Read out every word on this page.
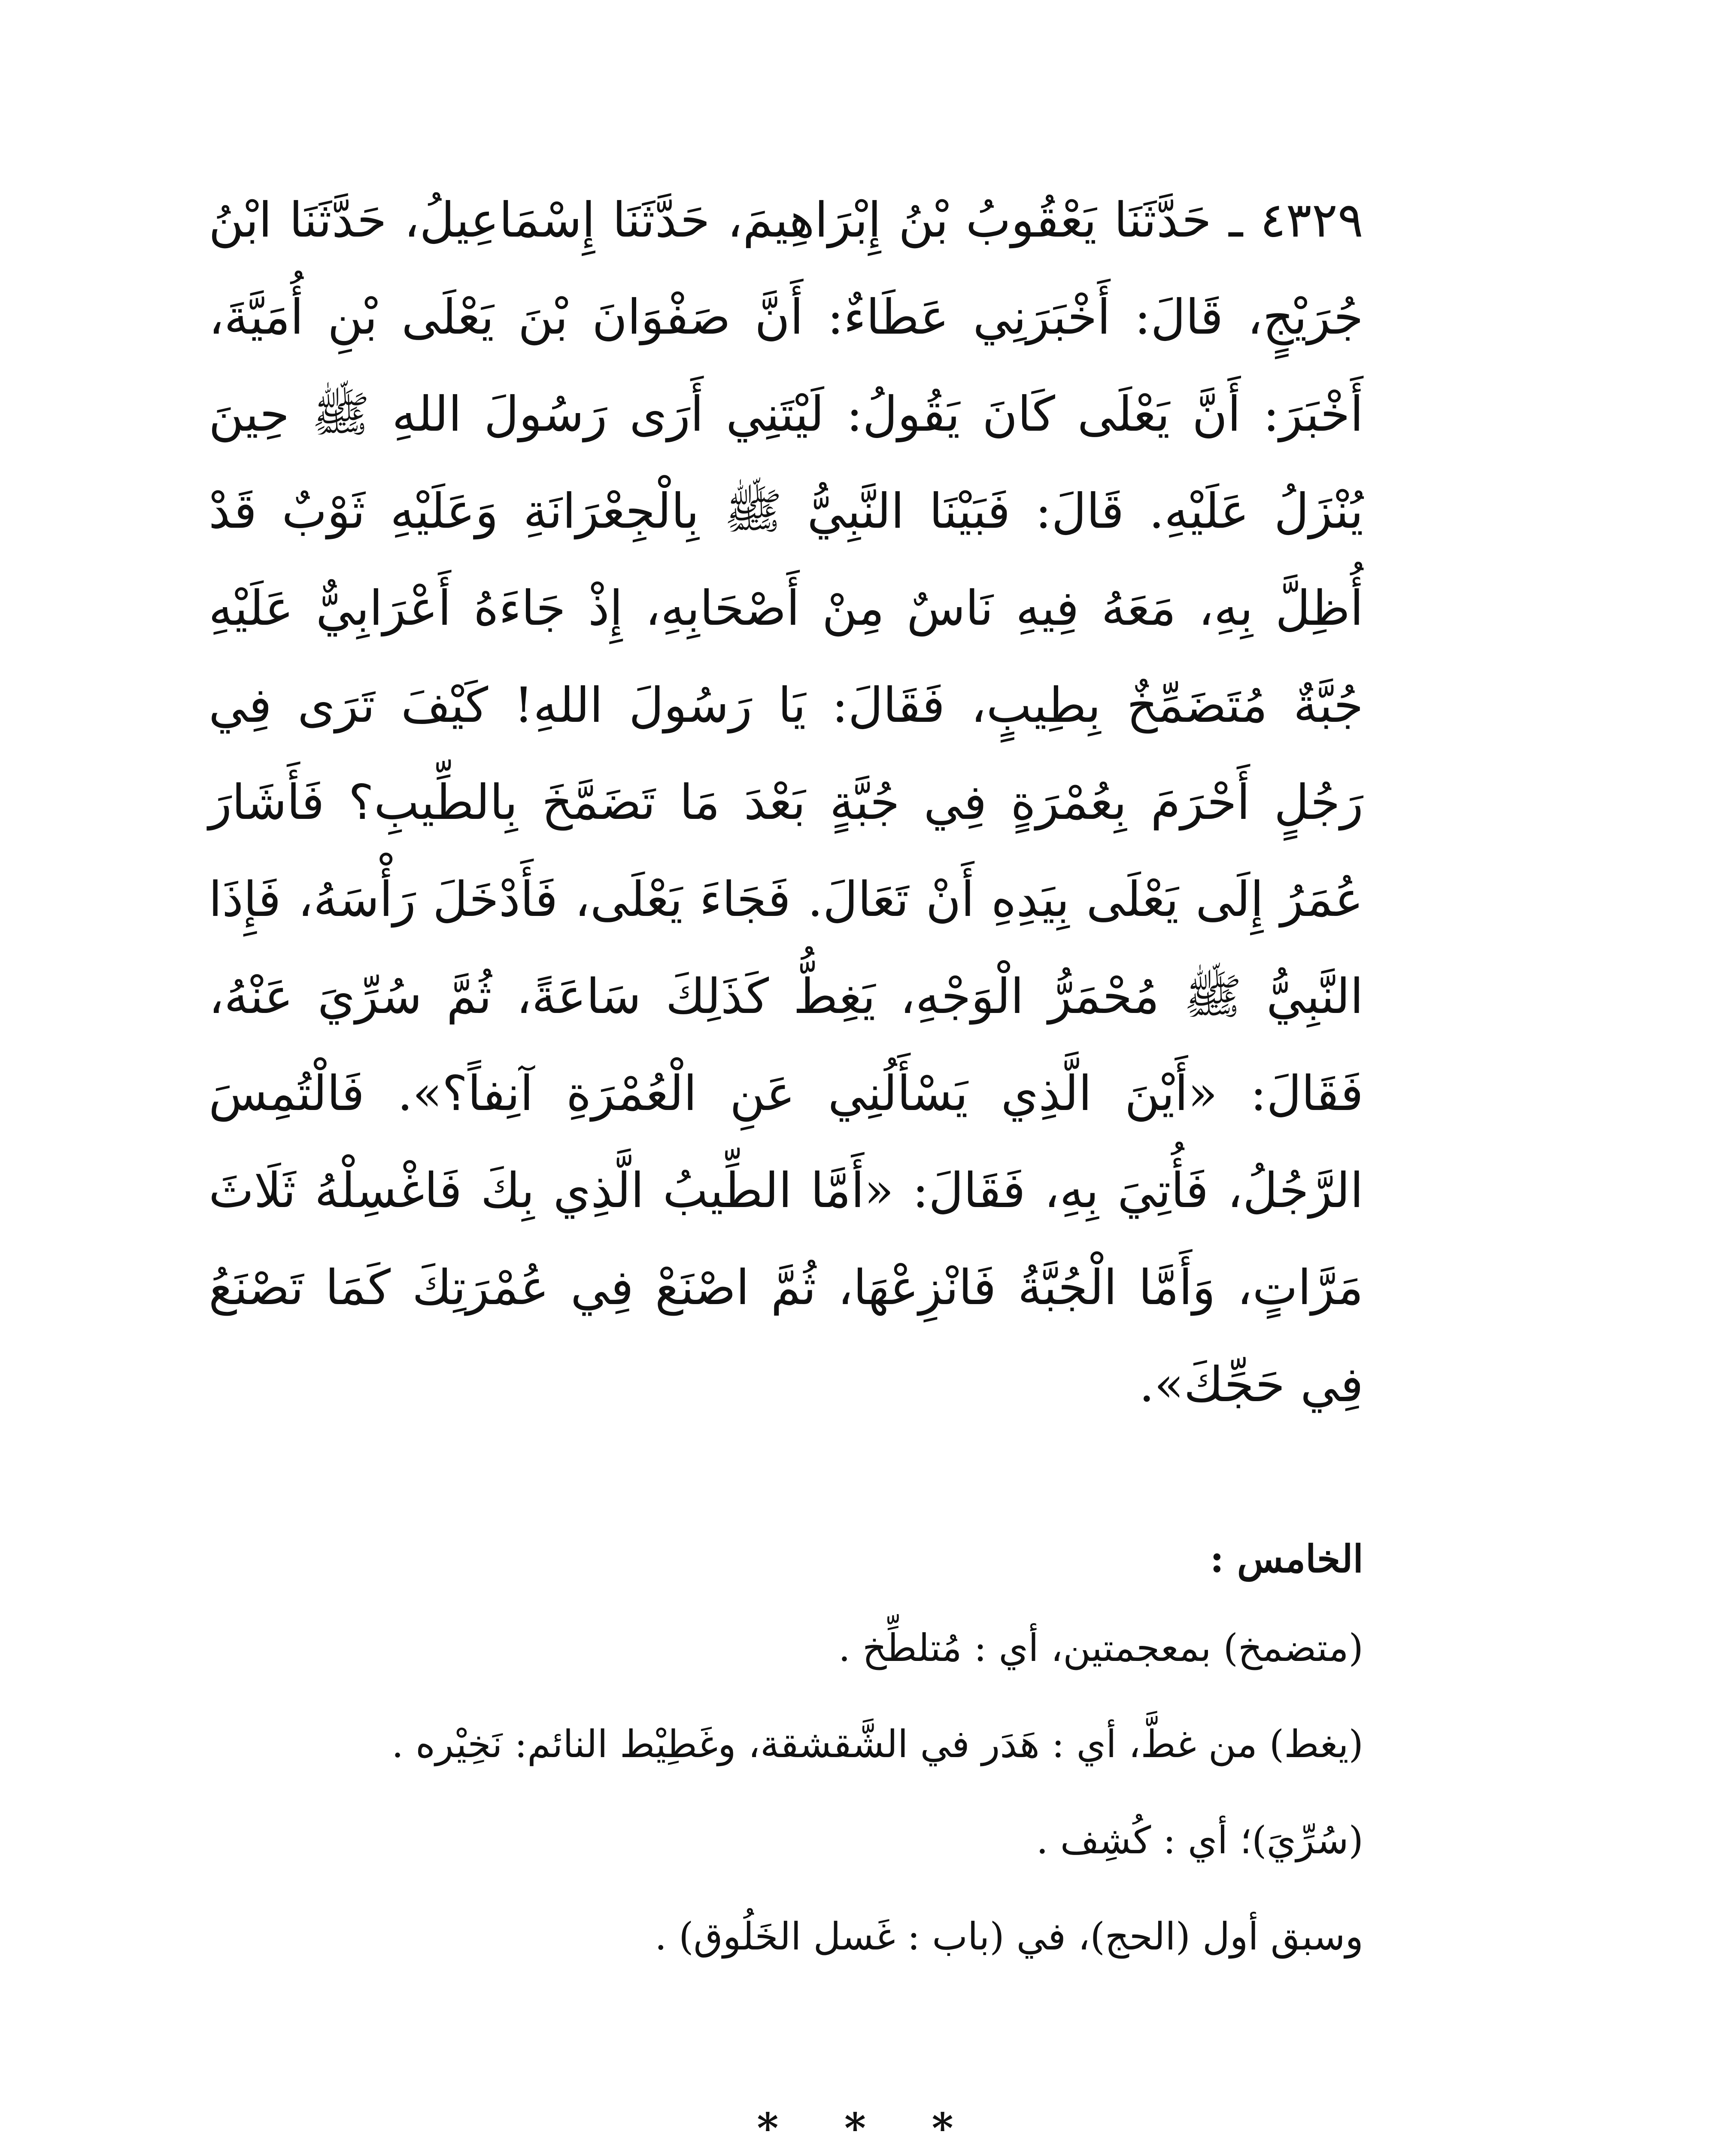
٤٣٢٩ ـ حَدَّثَنَا يَعْقُوبُ بْنُ إِبْرَاهِيمَ، حَدَّثَنَا إِسْمَاعِيلُ، حَدَّثَنَا ابْنُ جُرَيْجٍ، قَالَ: أَخْبَرَنِي عَطَاءٌ: أَنَّ صَفْوَانَ بْنَ يَعْلَى بْنِ أُمَيَّةَ، أَخْبَرَ: أَنَّ يَعْلَى كَانَ يَقُولُ: لَيْتَنِي أَرَى رَسُولَ اللهِ ﷺ حِينَ يُنْزَلُ عَلَيْهِ. قَالَ: فَبَيْنَا النَّبِيُّ ﷺ بِالْجِعْرَانَةِ وَعَلَيْهِ ثَوْبٌ قَدْ أُظِلَّ بِهِ، مَعَهُ فِيهِ نَاسٌ مِنْ أَصْحَابِهِ، إِذْ جَاءَهُ أَعْرَابِيٌّ عَلَيْهِ جُبَّةٌ مُتَضَمِّخٌ بِطِيبٍ، فَقَالَ: يَا رَسُولَ اللهِ! كَيْفَ تَرَى فِي رَجُلٍ أَحْرَمَ بِعُمْرَةٍ فِي جُبَّةٍ بَعْدَ مَا تَضَمَّخَ بِالطِّيبِ؟ فَأَشَارَ عُمَرُ إِلَى يَعْلَى بِيَدِهِ أَنْ تَعَالَ. فَجَاءَ يَعْلَى، فَأَدْخَلَ رَأْسَهُ، فَإِذَا النَّبِيُّ ﷺ مُحْمَرُّ الْوَجْهِ، يَغِطُّ كَذَلِكَ سَاعَةً، ثُمَّ سُرِّيَ عَنْهُ، فَقَالَ: «أَيْنَ الَّذِي يَسْأَلُنِي عَنِ الْعُمْرَةِ آنِفاً؟». فَالْتُمِسَ الرَّجُلُ، فَأُتِيَ بِهِ، فَقَالَ: «أَمَّا الطِّيبُ الَّذِي بِكَ فَاغْسِلْهُ ثَلَاثَ مَرَّاتٍ، وَأَمَّا الْجُبَّةُ فَانْزِعْهَا، ثُمَّ اصْنَعْ فِي عُمْرَتِكَ كَمَا تَصْنَعُ فِي حَجِّكَ».

الخامس :

(متضمخ) بمعجمتين، أي : مُتلطِّخ .

(يغط) من غطَّ، أي : هَدَر في الشَّقشقة، وغَطِيْط النائم: نَخِيْره .

(سُرِّيَ)؛ أي : كُشِف .

وسبق أول (الحج)، في (باب : غَسل الخَلُوق) .

* * *
